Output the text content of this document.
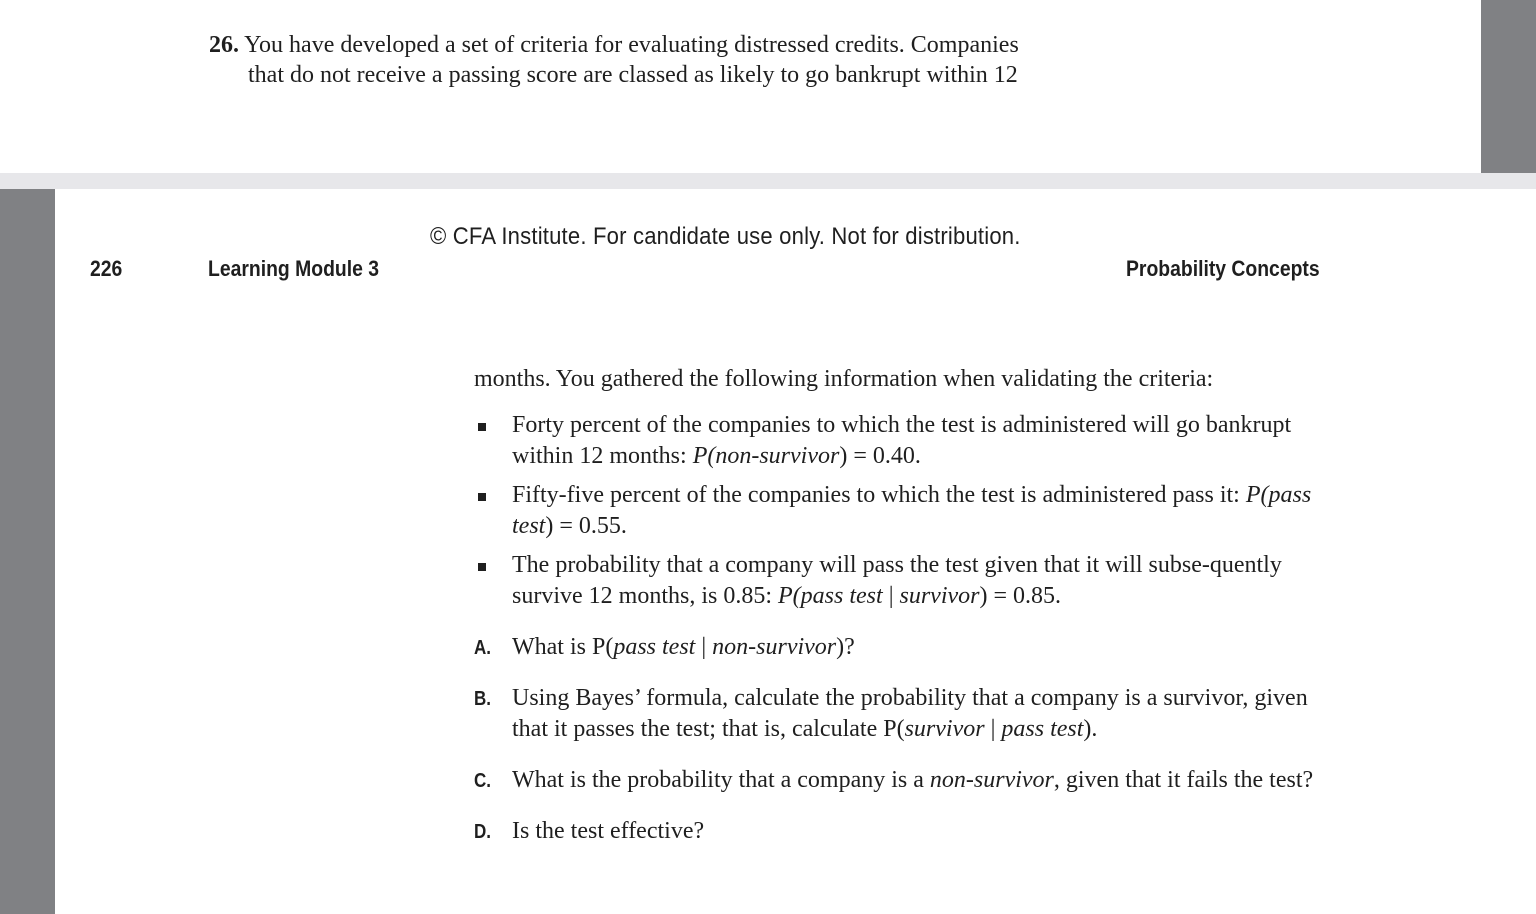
26. You have developed a set of criteria for evaluating distressed credits. Companies
that do not receive a passing score are classed as likely to go bankrupt within 12
© CFA Institute. For candidate use only. Not for distribution.
226	Learning Module 3	Probability Concepts

months. You gathered the following information when validating the criteria:

Forty percent of the companies to which the test is administered will go bankrupt within 12 months: P(non-survivor) = 0.40.
Fifty-five percent of the companies to which the test is administered pass it: P(pass test) = 0.55.
The probability that a company will pass the test given that it will subse-quently survive 12 months, is 0.85: P(pass test | survivor) = 0.85.
A. What is P(pass test | non-survivor)?
B. Using Bayes’ formula, calculate the probability that a company is a survivor, given that it passes the test; that is, calculate P(survivor | pass test).
C. What is the probability that a company is a non-survivor, given that it fails the test?
D. Is the test effective?
